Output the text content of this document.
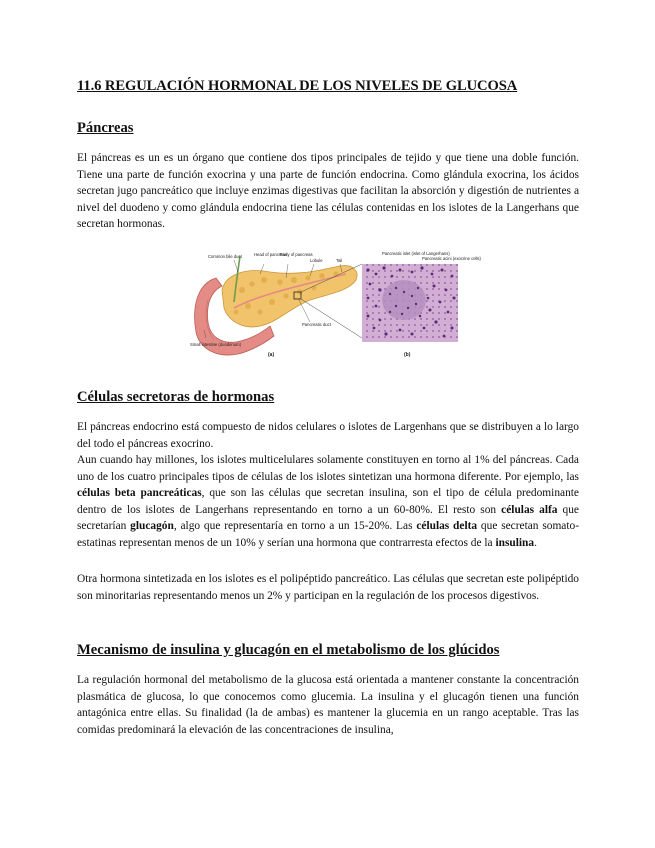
11.6 REGULACIÓN HORMONAL DE LOS NIVELES DE GLUCOSA
Páncreas

El páncreas es un es un órgano que contiene dos tipos principales de tejido y que tiene una doble función. Tiene una parte de función exocrina y una parte de función endocrina. Como glándula exocrina, los ácidos secretan jugo pancreático que incluye enzimas digestivas que facilitan la absorción y digestión de nutrientes a nivel del duodeno y como glándula endocrina tiene las células contenidas en los islotes de la Langerhans que secretan hormonas.

Common bile duct	Head of pancreas
Body of pancreas
Lobule	Tail
Pancreatic duct
Small intestine (duodenum)
(a)
Pancreatic islet (islet of Langerhans)
Pancreatic acini (exocrine cells)
(b)
Células secretoras de hormonas

El páncreas endocrino está compuesto de nidos celulares o islotes de Largenhans que se distribuyen a lo largo del todo el páncreas exocrino.

Aun cuando hay millones, los islotes multicelulares solamente constituyen en torno al 1% del páncreas. Cada uno de los cuatro principales tipos de células de los islotes sintetizan una hormona diferente. Por ejemplo, las células beta pancreáticas, que son las células que secretan insulina, son el tipo de célula predominante dentro de los islotes de Langerhans representando en torno a un 60-80%. El resto son células alfa que secretarían glucagón, algo que representaría en torno a un 15-20%. Las células delta que secretan somato-estatinas representan menos de un 10% y serían una hormona que contrarresta efectos de la insulina.

Otra hormona sintetizada en los islotes es el polipéptido pancreático. Las células que secretan este polipéptido son minoritarias representando menos un 2% y participan en la regulación de los procesos digestivos.

Mecanismo de insulina y glucagón en el metabolismo de los glúcidos

La regulación hormonal del metabolismo de la glucosa está orientada a mantener constante la concentración plasmática de glucosa, lo que conocemos como glucemia. La insulina y el glucagón tienen una función antagónica entre ellas. Su finalidad (la de ambas) es mantener la glucemia en un rango aceptable. Tras las comidas predominará la elevación de las concentraciones de insulina,
